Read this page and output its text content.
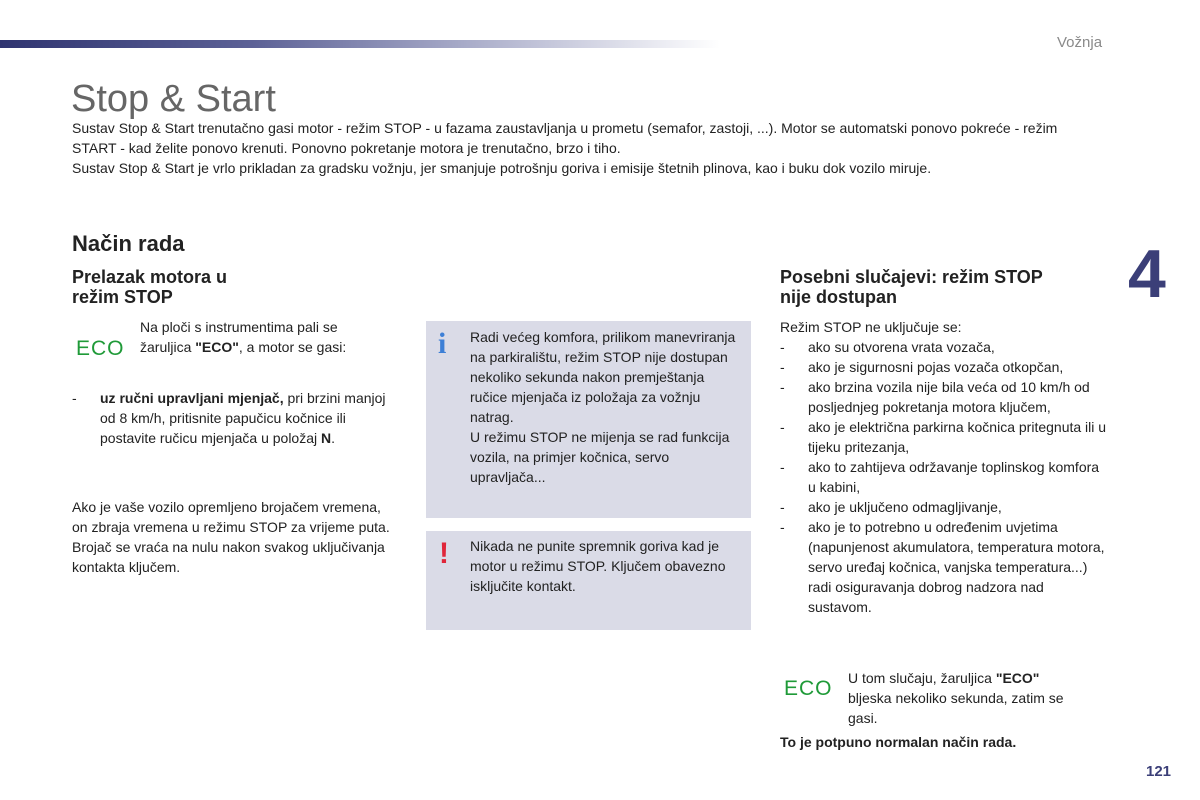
Vožnja
4
121
Stop & Start

Sustav Stop & Start trenutačno gasi motor - režim STOP - u fazama zaustavljanja u prometu (semafor, zastoji, ...). Motor se automatski ponovo pokreće - režim START - kad želite ponovo krenuti. Ponovno pokretanje motora je trenutačno, brzo i tiho.

Sustav Stop & Start je vrlo prikladan za gradsku vožnju, jer smanjuje potrošnju goriva i emisije štetnih plinova, kao i buku dok vozilo miruje.

Način rada
Prelazak motora u
režim STOP
ECO
Na ploči s instrumentima pali se
žaruljica "ECO", a motor se gasi:
-	uz ručni upravljani mjenjač, pri brzini manjoj od 8 km/h, pritisnite papučicu kočnice ili postavite ručicu mjenjača u položaj N.
Ako je vaše vozilo opremljeno brojačem vremena, on zbraja vremena u režimu STOP za vrijeme puta. Brojač se vraća na nulu nakon svakog uključivanja kontakta ključem.
i Radi većeg komfora, prilikom manevriranja na parkiralištu, režim STOP nije dostupan nekoliko sekunda nakon premještanja ručice mjenjača iz položaja za vožnju natrag.
U režimu STOP ne mijenja se rad funkcija vozila, na primjer kočnica, servo upravljača...
! Nikada ne punite spremnik goriva kad je motor u režimu STOP. Ključem obavezno isključite kontakt.
Posebni slučajevi: režim STOP
nije dostupan
Režim STOP ne uključuje se:
-	ako su otvorena vrata vozača,
-	ako je sigurnosni pojas vozača otkopčan,
-	ako brzina vozila nije bila veća od 10 km/h od posljednjeg pokretanja motora ključem,
-	ako je električna parkirna kočnica pritegnuta ili u tijeku pritezanja,
-	ako to zahtijeva održavanje toplinskog komfora u kabini,
-	ako je uključeno odmagljivanje,
-	ako je to potrebno u određenim uvjetima (napunjenost akumulatora, temperatura motora, servo uređaj kočnica, vanjska temperatura...) radi osiguravanja dobrog nadzora nad sustavom.
ECO U tom slučaju, žaruljica "ECO" bljeska nekoliko sekunda, zatim se gasi.
To je potpuno normalan način rada.
